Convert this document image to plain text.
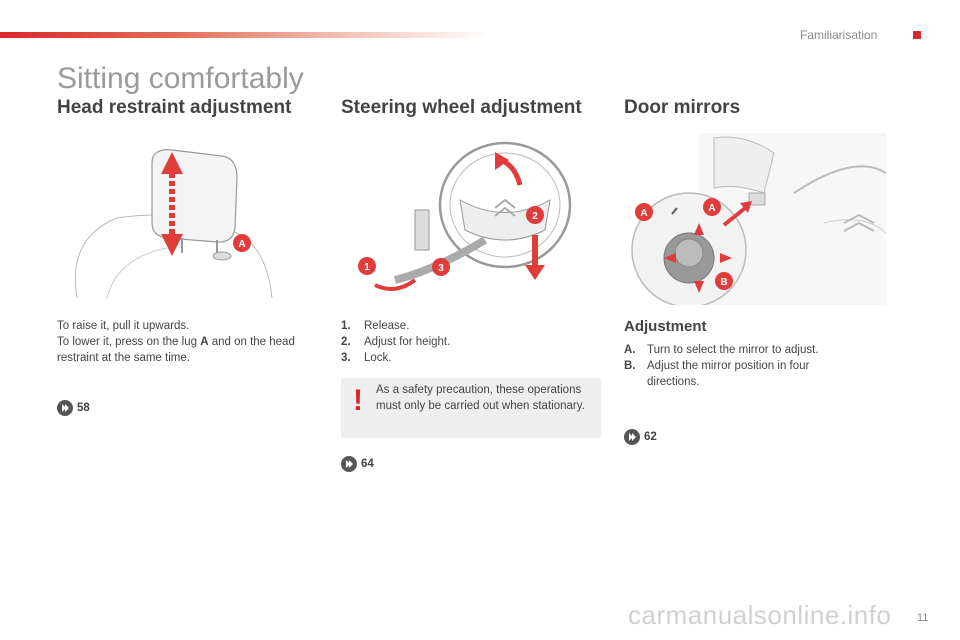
Familiarisation
Sitting comfortably
Head restraint adjustment
A
To raise it, pull it upwards.
To lower it, press on the lug A and on the head restraint at the same time.
58
Steering wheel adjustment
1
2
3
1.	Release.
2.	Adjust for height.
3.	Lock.
! As a safety precaution, these operations must only be carried out when stationary.
64
Door mirrors
A	A
B
Adjustment
A.	Turn to select the mirror to adjust.
B.	Adjust the mirror position in four directions.
62
carmanualsonline.info 11
